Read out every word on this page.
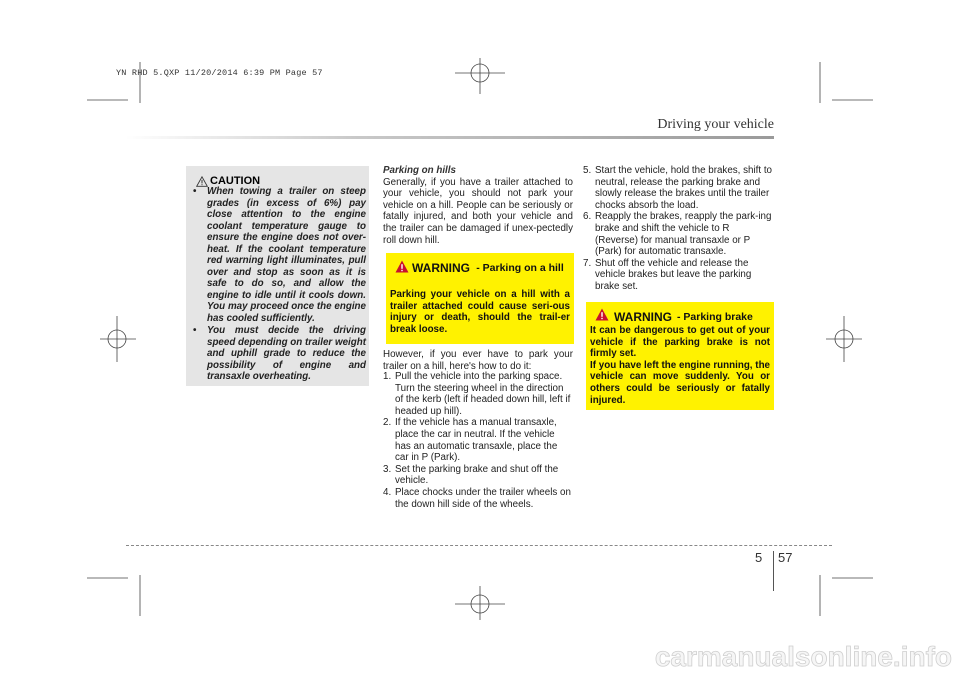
YN RHD 5.QXP 11/20/2014 6:39 PM Page 57
Driving your vehicle
CAUTION
• When towing a trailer on steep grades (in excess of 6%) pay close attention to the engine coolant temperature gauge to ensure the engine does not over-heat. If the coolant temperature red warning light illuminates, pull over and stop as soon as it is safe to do so, and allow the engine to idle until it cools down. You may proceed once the engine has cooled sufficiently.
• You must decide the driving speed depending on trailer weight and uphill grade to reduce the possibility of engine and transaxle overheating.
Parking on hills
Generally, if you have a trailer attached to your vehicle, you should not park your vehicle on a hill. People can be seriously or fatally injured, and both your vehicle and the trailer can be damaged if unex-pectedly roll down hill.
WARNING - Parking on a hill
Parking your vehicle on a hill with a trailer attached could cause seri-ous injury or death, should the trail-er break loose.
However, if you ever have to park your trailer on a hill, here's how to do it:
1. Pull the vehicle into the parking space. Turn the steering wheel in the direction of the kerb (left if headed down hill, left if headed up hill).
2. If the vehicle has a manual transaxle, place the car in neutral. If the vehicle has an automatic transaxle, place the car in P (Park).
3. Set the parking brake and shut off the vehicle.
4. Place chocks under the trailer wheels on the down hill side of the wheels.
5. Start the vehicle, hold the brakes, shift to neutral, release the parking brake and slowly release the brakes until the trailer chocks absorb the load.
6. Reapply the brakes, reapply the park-ing brake and shift the vehicle to R (Reverse) for manual transaxle or P (Park) for automatic transaxle.
7. Shut off the vehicle and release the vehicle brakes but leave the parking brake set.
WARNING - Parking brake
It can be dangerous to get out of your vehicle if the parking brake is not firmly set.
If you have left the engine running, the vehicle can move suddenly. You or others could be seriously or fatally injured.
5 57
carmanualsonline.info
